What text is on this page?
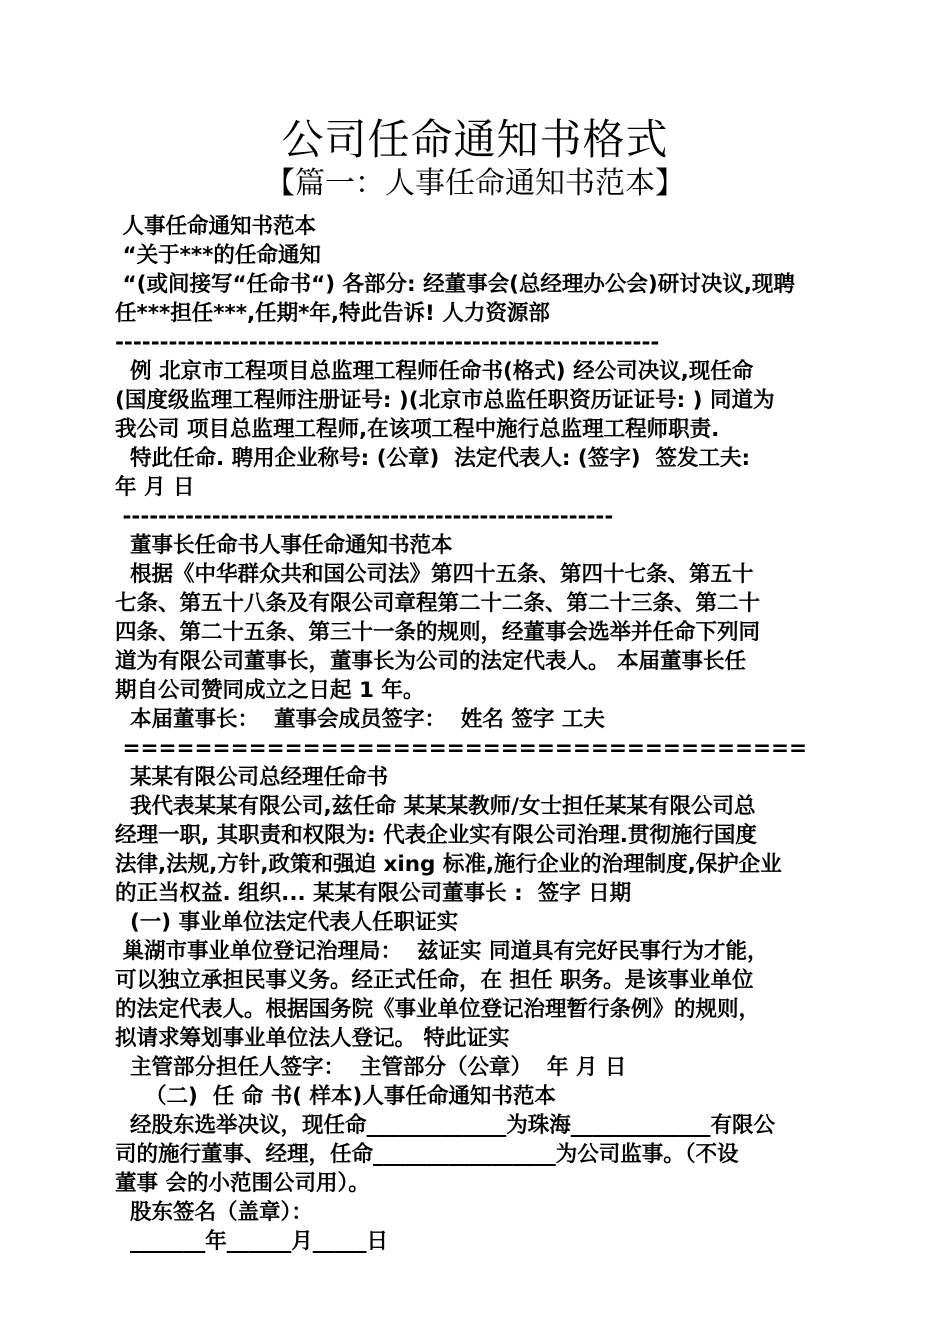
公司任命通知书格式
【篇一：人事任命通知书范本】
人事任命通知书范本
“关于***的任命通知
“(或间接写“任命书“) 各部分: 经董事会(总经理办公会)研讨决议,现聘
任***担任***,任期*年,特此告诉! 人力资源部
-------------------------------------------------------------
例 北京市工程项目总监理工程师任命书(格式) 经公司决议,现任命
(国度级监理工程师注册证号: )(北京市总监任职资历证证号: ) 同道为
我公司 项目总监理工程师,在该项工程中施行总监理工程师职责.
特此任命. 聘用企业称号: (公章)  法定代表人: (签字)  签发工夫:
年 月 日
-------------------------------------------------------
董事长任命书人事任命通知书范本
根据《中华群众共和国公司法》第四十五条、第四十七条、第五十
七条、第五十八条及有限公司章程第二十二条、第二十三条、第二十
四条、第二十五条、第三十一条的规则，经董事会选举并任命下列同
道为有限公司董事长，董事长为公司的法定代表人。 本届董事长任
期自公司赞同成立之日起 1 年。
本届董事长：  董事会成员签字：  姓名 签字 工夫
======================================
某某有限公司总经理任命书
我代表某某有限公司,兹任命 某某某教师/女士担任某某有限公司总
经理一职, 其职责和权限为: 代表企业实有限公司治理.贯彻施行国度
法律,法规,方针,政策和强迫 xing 标准,施行企业的治理制度,保护企业
的正当权益. 组织... 某某有限公司董事长 :  签字 日期
(一) 事业单位法定代表人任职证实
巢湖市事业单位登记治理局：  兹证实 同道具有完好民事行为才能，
可以独立承担民事义务。经正式任命，在 担任 职务。是该事业单位
的法定代表人。根据国务院《事业单位登记治理暂行条例》的规则，
拟请求筹划事业单位法人登记。 特此证实
主管部分担任人签字：  主管部分（公章）  年 月 日
（二)  任 命 书( 样本)人事任命通知书范本
经股东选举决议，现任命_____________为珠海_____________有限公
司的施行董事、经理，任命_________________为公司监事。（不设
董事 会的小范围公司用）。
股东签名（盖章）：
_______年______月_____日
